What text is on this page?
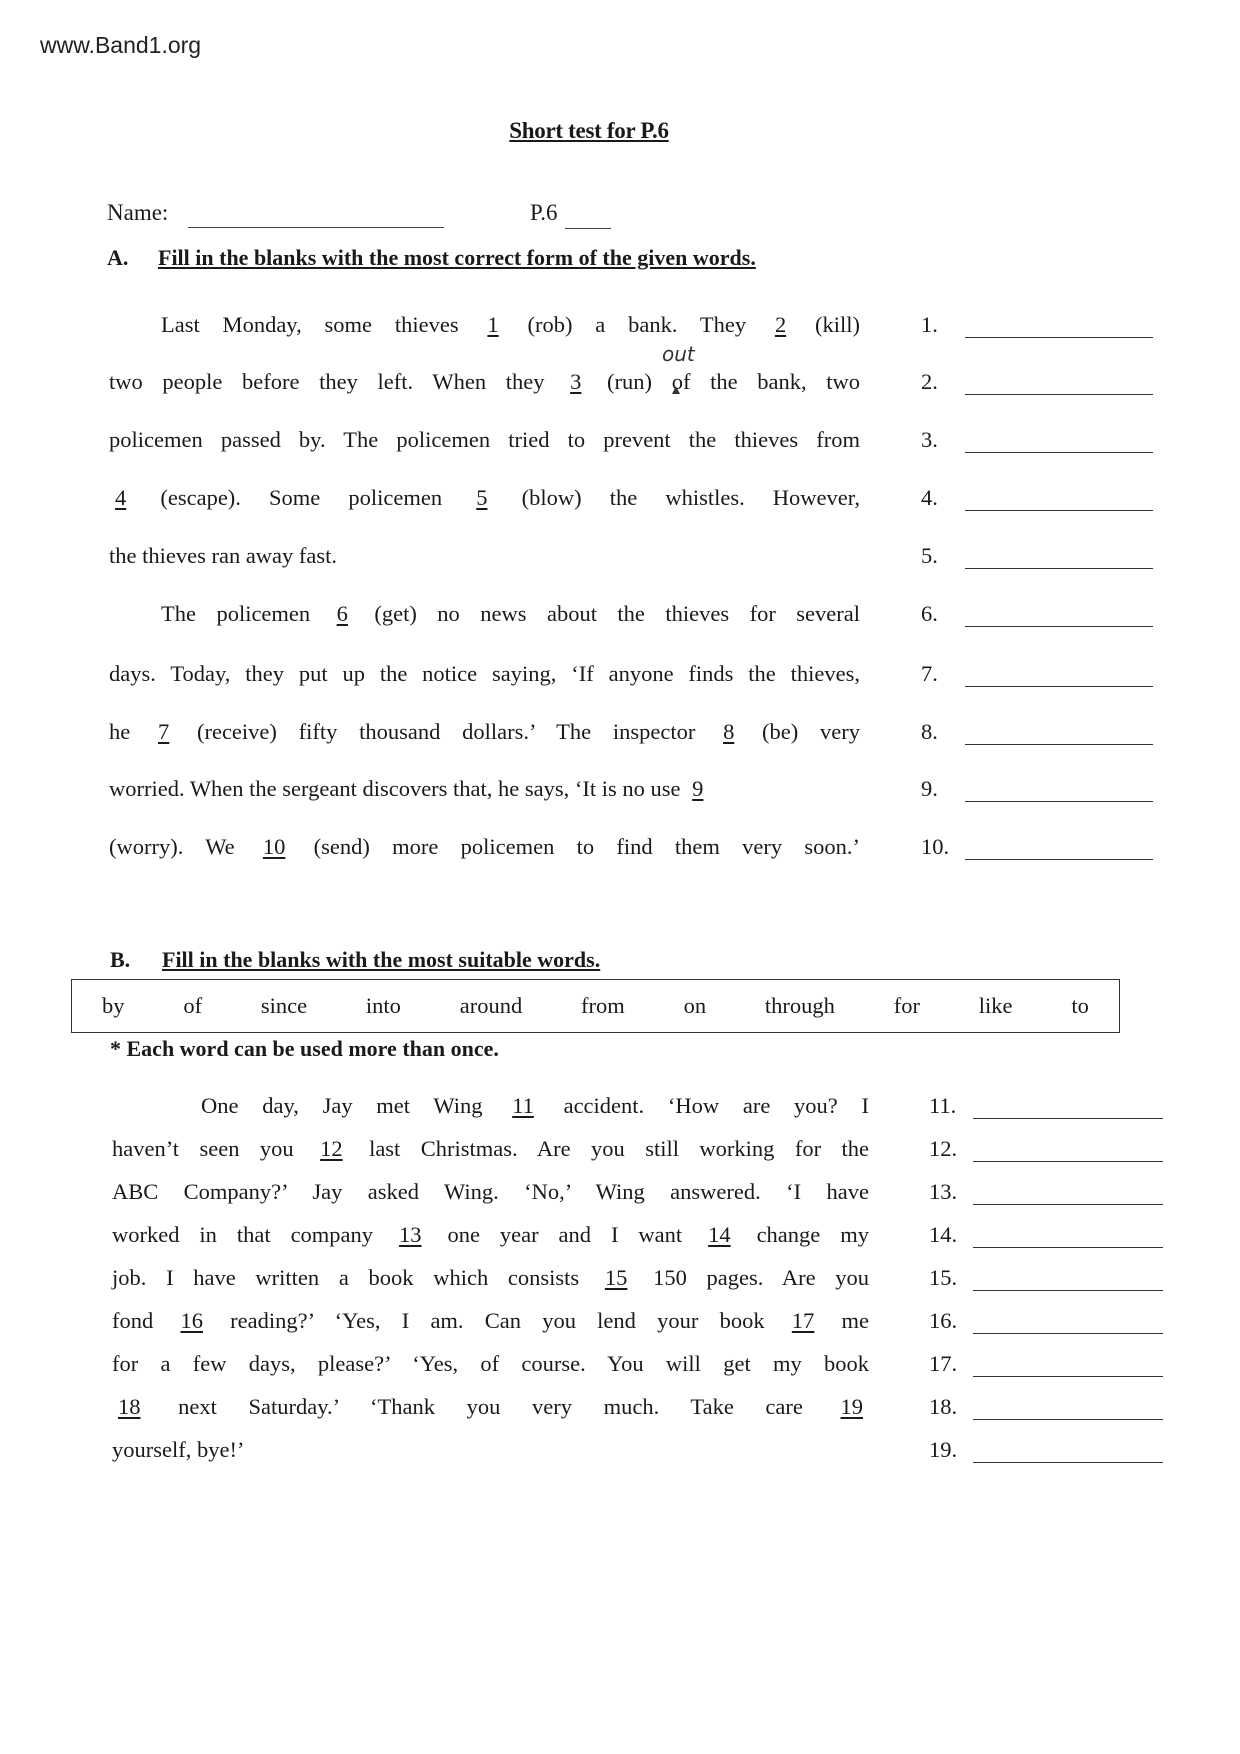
www.Band1.org
Short test for P.6
Name:	P.6
A. Fill in the blanks with the most correct form of the given words.
Last Monday, some thieves 1 (rob) a bank. They 2 (kill)
two people before they left. When they 3 (run) of the bank, two
policemen passed by. The policemen tried to prevent the thieves from
4 (escape). Some policemen 5 (blow) the whistles. However,
the thieves ran away fast.
The policemen 6 (get) no news about the thieves for several
days. Today, they put up the notice saying, ‘If anyone finds the thieves,
he 7 (receive) fifty thousand dollars.’ The inspector 8 (be) very
worried. When the sergeant discovers that, he says, ‘It is no use 9
(worry). We 10 (send) more policemen to find them very soon.’
1.
2.
3.
4.
5.
6.
7.
8.
9.
10.
out
B. Fill in the blanks with the most suitable words.
by	of	since	into	around	from	on	through	for	like	to
* Each word can be used more than once.
One day, Jay met Wing 11 accident. ‘How are you? I
haven’t seen you 12 last Christmas. Are you still working for the
ABC Company?’ Jay asked Wing. ‘No,’ Wing answered. ‘I have
worked in that company 13 one year and I want 14 change my
job. I have written a book which consists 15 150 pages. Are you
fond 16 reading?’ ‘Yes, I am. Can you lend your book 17 me
for a few days, please?’ ‘Yes, of course. You will get my book
18 next Saturday.’ ‘Thank you very much. Take care 19
yourself, bye!’
11.
12.
13.
14.
15.
16.
17.
18.
19.
